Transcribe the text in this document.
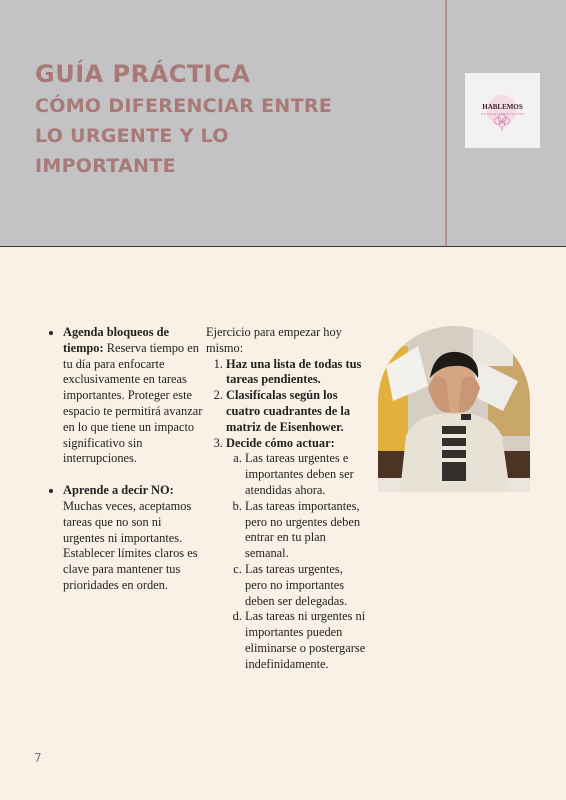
GUÍA PRÁCTICA
CÓMO DIFERENCIAR ENTRE LO URGENTE Y LO IMPORTANTE
HABLEMOS
RETROALIMENTACIÓN
• Agenda bloqueos de tiempo: Reserva tiempo en tu día para enfocarte exclusivamente en tareas importantes. Proteger este espacio te permitirá avanzar en lo que tiene un impacto significativo sin interrupciones.
• Aprende a decir NO: Muchas veces, aceptamos tareas que no son ni urgentes ni importantes. Establecer límites claros es clave para mantener tus prioridades en orden.

Ejercicio para empezar hoy mismo:

1. Haz una lista de todas tus tareas pendientes.
2. Clasifícalas según los cuatro cuadrantes de la matriz de Eisenhower.
3. Decide cómo actuar:
a. Las tareas urgentes e importantes deben ser atendidas ahora.
b. Las tareas importantes, pero no urgentes deben entrar en tu plan semanal.
c. Las tareas urgentes, pero no importantes deben ser delegadas.
d. Las tareas ni urgentes ni importantes pueden eliminarse o postergarse indefinidamente.
7
